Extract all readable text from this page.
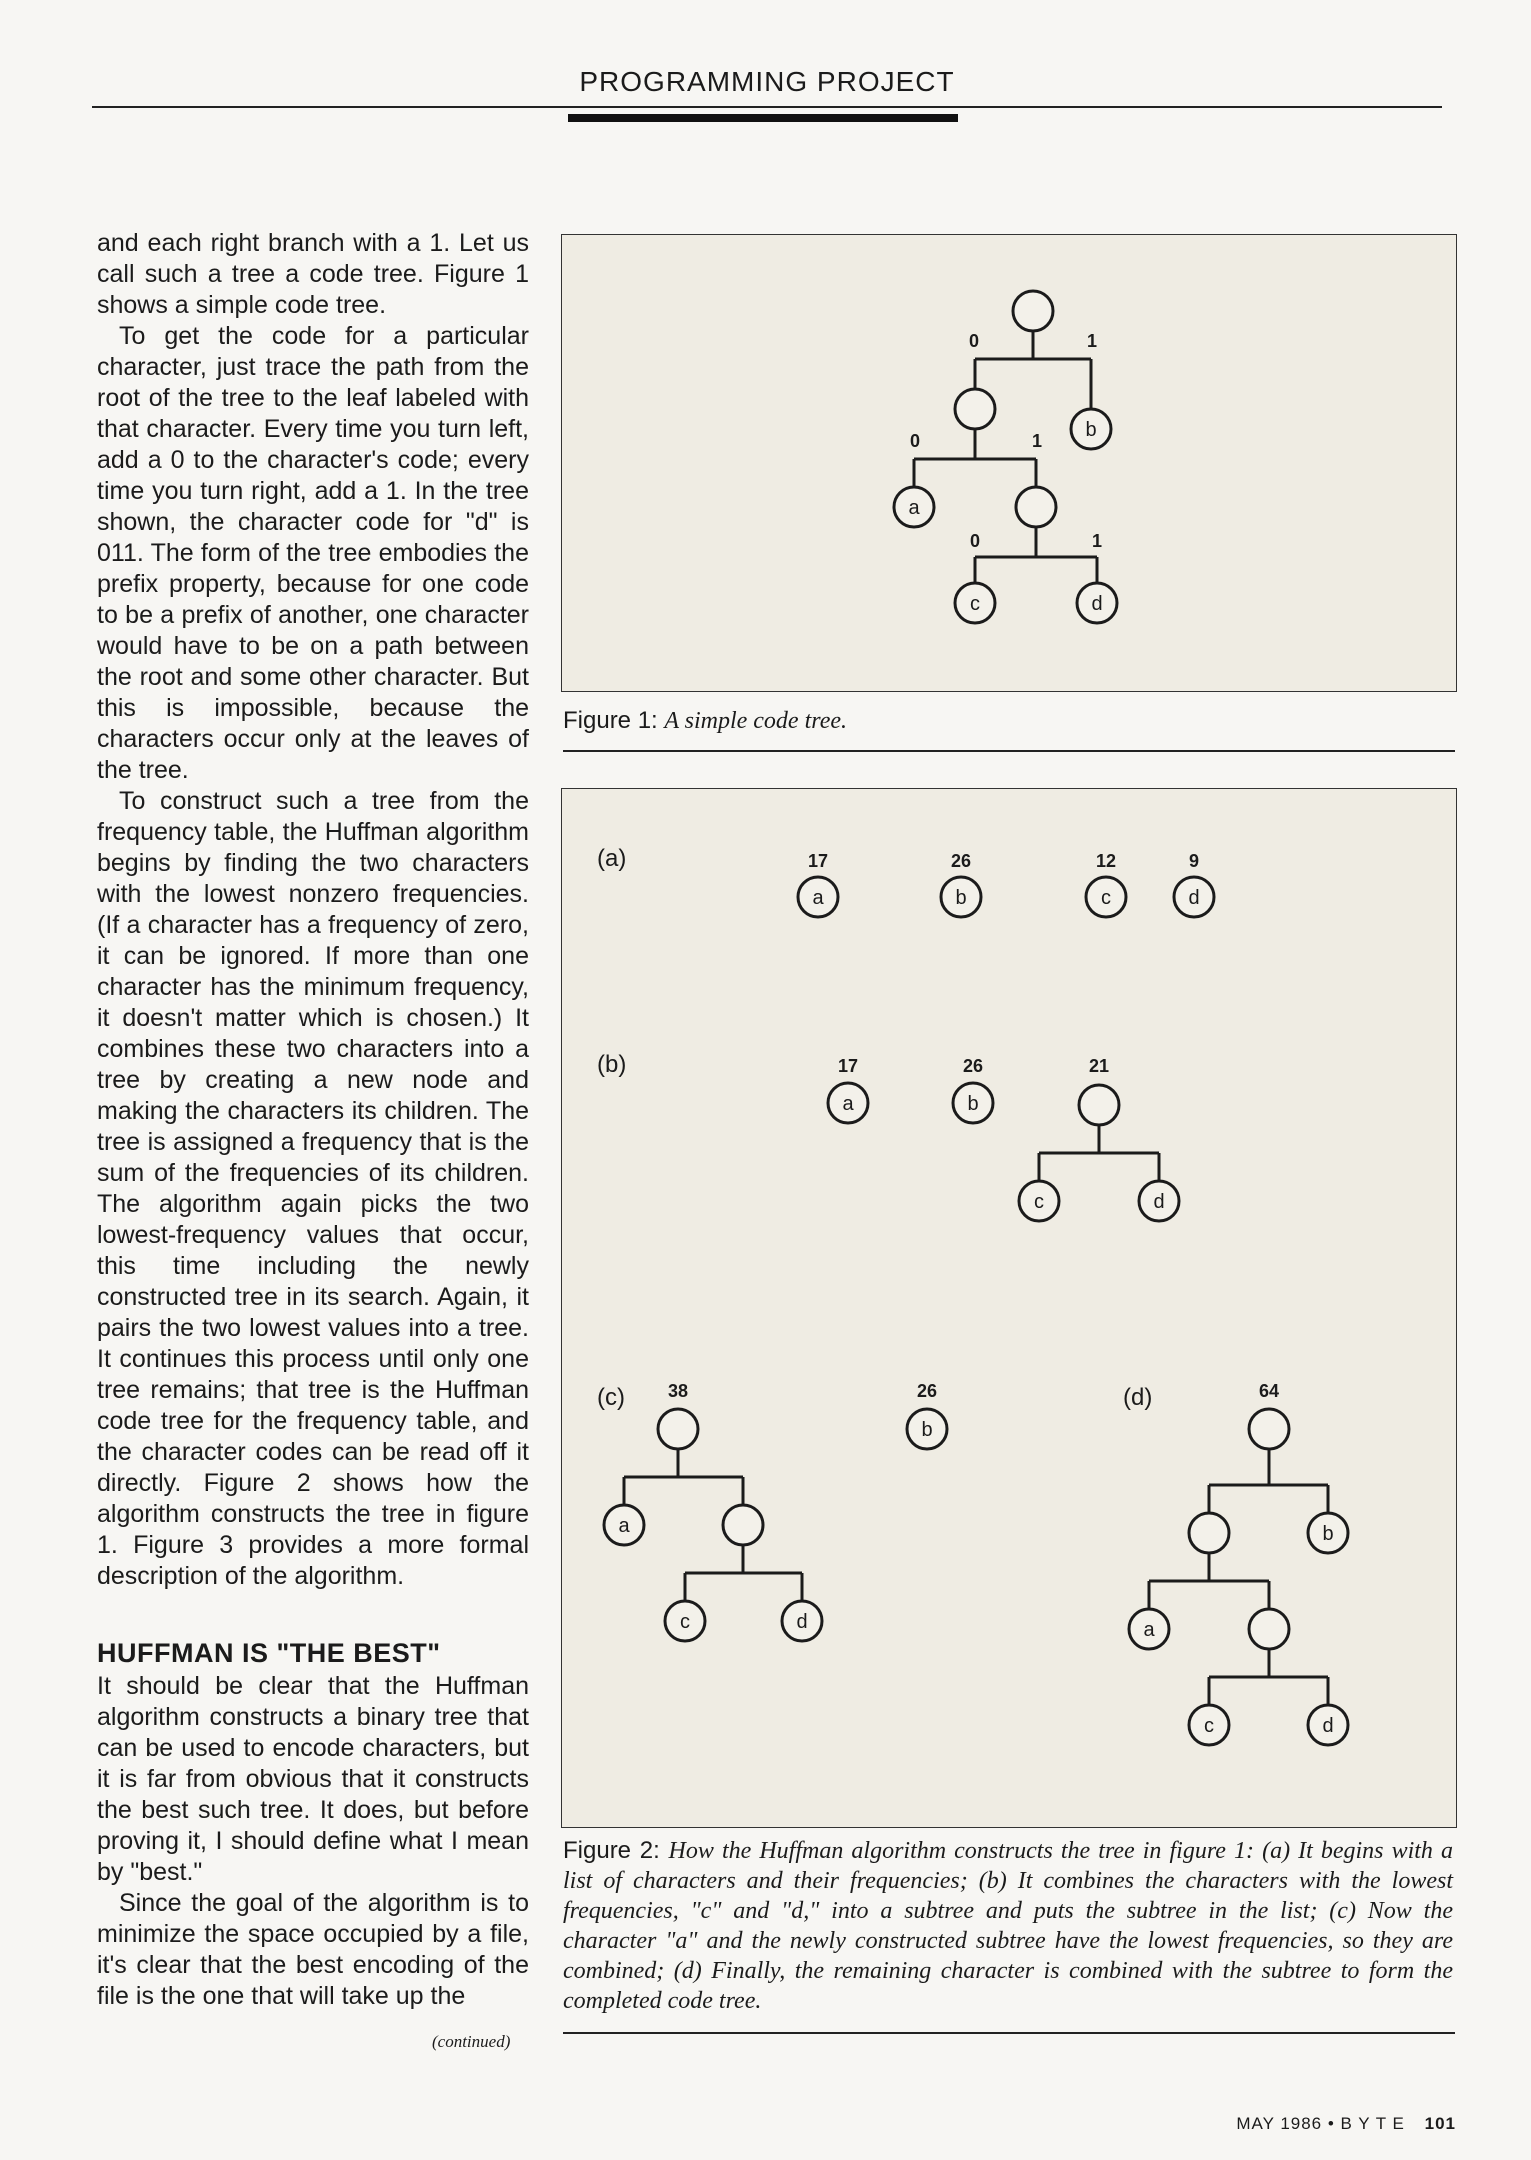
PROGRAMMING PROJECT

and each right branch with a 1. Let us call such a tree a code tree. Figure 1 shows a simple code tree.

To get the code for a particular character, just trace the path from the root of the tree to the leaf labeled with that character. Every time you turn left, add a 0 to the character's code; every time you turn right, add a 1. In the tree shown, the character code for "d" is 011. The form of the tree embodies the prefix property, because for one code to be a prefix of another, one character would have to be on a path between the root and some other character. But this is impossible, because the characters occur only at the leaves of the tree.

To construct such a tree from the frequency table, the Huffman algorithm begins by finding the two characters with the lowest nonzero frequencies. (If a character has a frequency of zero, it can be ignored. If more than one character has the minimum frequency, it doesn't matter which is chosen.) It combines these two characters into a tree by creating a new node and making the characters its children. The tree is assigned a frequency that is the sum of the frequencies of its children. The algorithm again picks the two lowest-frequency values that occur, this time including the newly constructed tree in its search. Again, it pairs the two lowest values into a tree. It continues this process until only one tree remains; that tree is the Huffman code tree for the frequency table, and the character codes can be read off it directly. Figure 2 shows how the algorithm constructs the tree in figure 1. Figure 3 provides a more formal description of the algorithm.

HUFFMAN IS "THE BEST"

It should be clear that the Huffman algorithm constructs a binary tree that can be used to encode characters, but it is far from obvious that it constructs the best such tree. It does, but before proving it, I should define what I mean by "best."

Since the goal of the algorithm is to minimize the space occupied by a file, it's clear that the best encoding of the file is the one that will take up the

(continued)
0	1
0	1
0	1
b
a
c	d
Figure 1: A simple code tree.
(a)
(b)
(c)	(d)
17	26	12	9
a	b	c	d
17	26	21
a	b
c	d
38	26
a
b
c	d
64
a
b
c	d
Figure 2: How the Huffman algorithm constructs the tree in figure 1: (a) It begins with a list of characters and their frequencies; (b) It combines the characters with the lowest frequencies, "c" and "d," into a subtree and puts the subtree in the list; (c) Now the character "a" and the newly constructed subtree have the lowest frequencies, so they are combined; (d) Finally, the remaining character is combined with the subtree to form the completed code tree.
MAY 1986 • B Y T E 101
